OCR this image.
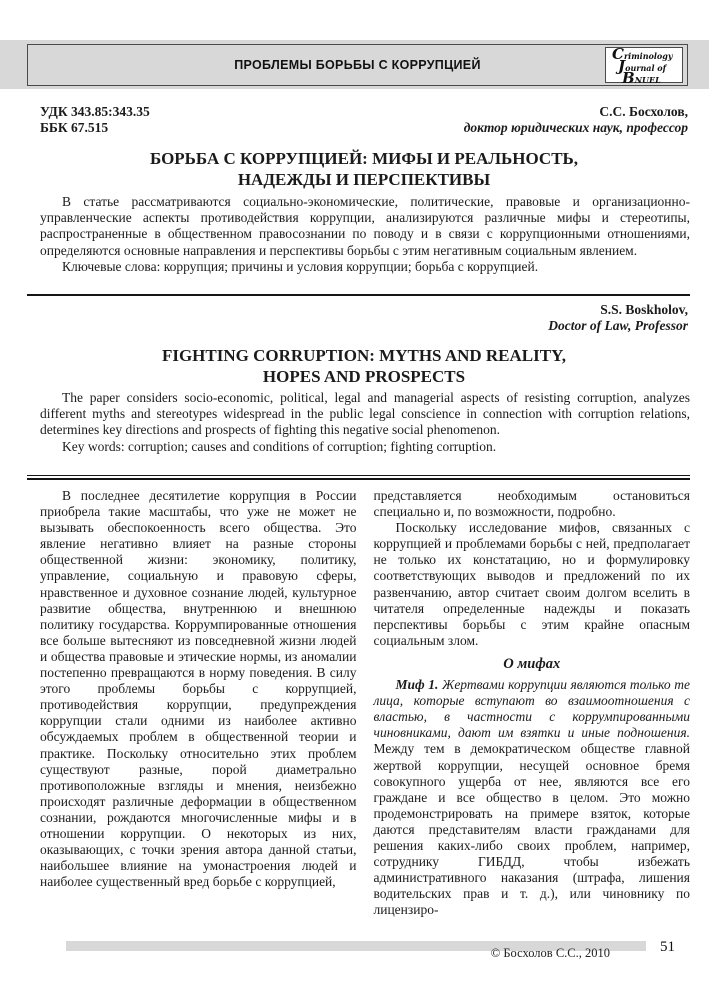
ПРОБЛЕМЫ БОРЬБЫ С КОРРУПЦИЕЙ
Criminology
Journal of
BNUEL
УДК 343.85:343.35
ББК 67.515
С.С. Босхолов,
доктор юридических наук, профессор
БОРЬБА С КОРРУПЦИЕЙ: МИФЫ И РЕАЛЬНОСТЬ,
НАДЕЖДЫ И ПЕРСПЕКТИВЫ

В статье рассматриваются социально-экономические, политические, правовые и организационно-управленческие аспекты противодействия коррупции, анализируются различные мифы и стереотипы, распространенные в общественном правосознании по поводу и в связи с коррупционными отношениями, определяются основные направления и перспективы борьбы с этим негативным социальным явлением.

Ключевые слова: коррупция; причины и условия коррупции; борьба с коррупцией.

S.S. Boskholov,
Doctor of Law, Professor
FIGHTING CORRUPTION: MYTHS AND REALITY,
HOPES AND PROSPECTS

The paper considers socio-economic, political, legal and managerial aspects of resisting corruption, analyzes different myths and stereotypes widespread in the public legal conscience in connection with corruption relations, determines key directions and prospects of fighting this negative social phenomenon.

Key words: corruption; causes and conditions of corruption; fighting corruption.

В последнее десятилетие коррупция в России приобрела такие масштабы, что уже не может не вызывать обеспокоенность всего общества. Это явление негативно влияет на разные стороны общественной жизни: экономику, политику, управление, социальную и правовую сферы, нравственное и духовное сознание людей, культурное развитие общества, внутреннюю и внешнюю политику государства. Коррумпированные отношения все больше вытесняют из повседневной жизни людей и общества правовые и этические нормы, из аномалии постепенно превращаются в норму поведения. В силу этого проблемы борьбы с коррупцией, противодействия коррупции, предупреждения коррупции стали одними из наиболее активно обсуждаемых проблем в общественной теории и практике. Поскольку относительно этих проблем существуют разные, порой диаметрально противоположные взгляды и мнения, неизбежно происходят различные деформации в общественном сознании, рождаются многочисленные мифы и в отношении коррупции. О некоторых из них, оказывающих, с точки зрения автора данной статьи, наибольшее влияние на умонастроения людей и наиболее существенный вред борьбе с коррупцией,

представляется необходимым остановиться специально и, по возможности, подробно.

Поскольку исследование мифов, связанных с коррупцией и проблемами борьбы с ней, предполагает не только их констатацию, но и формулировку соответствующих выводов и предложений по их развенчанию, автор считает своим долгом вселить в читателя определенные надежды и показать перспективы борьбы с этим крайне опасным социальным злом.

О мифах

Миф 1. Жертвами коррупции являются только те лица, которые вступают во взаимоотношения с властью, в частности с коррумпированными чиновниками, дают им взятки и иные подношения. Между тем в демократическом обществе главной жертвой коррупции, несущей основное бремя совокупного ущерба от нее, являются все его граждане и все общество в целом. Это можно продемонстрировать на примере взяток, которые даются представителям власти гражданами для решения каких-либо своих проблем, например, сотруднику ГИБДД, чтобы избежать административного наказания (штрафа, лишения водительских прав и т. д.), или чиновнику по лицензиро-

© Босхолов С.С., 2010	51
